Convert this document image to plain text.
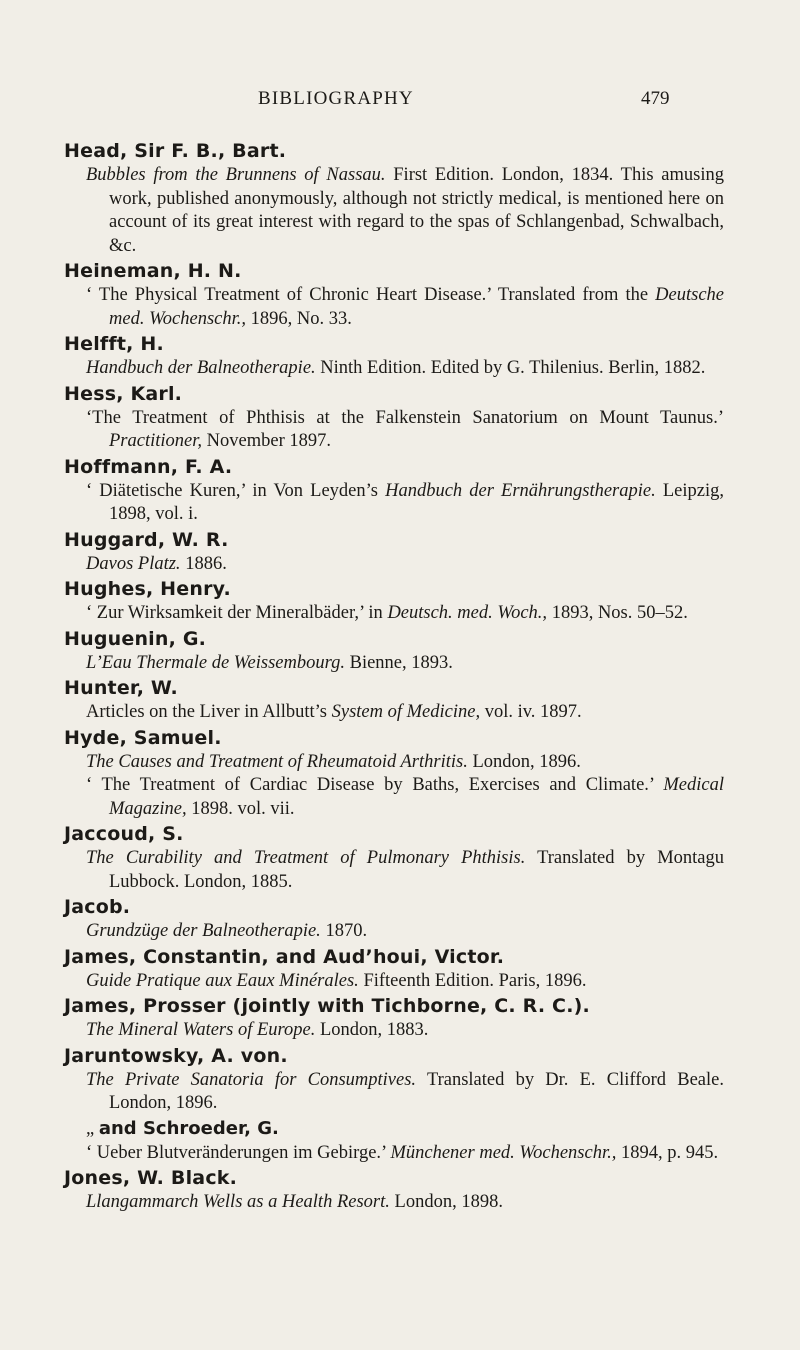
BIBLIOGRAPHY	479
Head, Sir F. B., Bart.

Bubbles from the Brunnens of Nassau. First Edition. London, 1834. This amusing work, published anonymously, although not strictly medical, is mentioned here on account of its great interest with regard to the spas of Schlangenbad, Schwalbach, &c.

Heineman, H. N.

‘ The Physical Treatment of Chronic Heart Disease.’ Translated from the Deutsche med. Wochenschr., 1896, No. 33.

Helfft, H.

Handbuch der Balneotherapie. Ninth Edition. Edited by G. Thilenius. Berlin, 1882.

Hess, Karl.

‘The Treatment of Phthisis at the Falkenstein Sanatorium on Mount Taunus.’ Practitioner, November 1897.

Hoffmann, F. A.

‘ Diätetische Kuren,’ in Von Leyden’s Handbuch der Ernährungstherapie. Leipzig, 1898, vol. i.

Huggard, W. R.

Davos Platz. 1886.

Hughes, Henry.

‘ Zur Wirksamkeit der Mineralbäder,’ in Deutsch. med. Woch., 1893, Nos. 50–52.

Huguenin, G.

L’Eau Thermale de Weissembourg. Bienne, 1893.

Hunter, W.

Articles on the Liver in Allbutt’s System of Medicine, vol. iv. 1897.

Hyde, Samuel.

The Causes and Treatment of Rheumatoid Arthritis. London, 1896.

‘ The Treatment of Cardiac Disease by Baths, Exercises and Climate.’ Medical Magazine, 1898. vol. vii.

Jaccoud, S.

The Curability and Treatment of Pulmonary Phthisis. Translated by Montagu Lubbock. London, 1885.

Jacob.

Grundzüge der Balneotherapie. 1870.

James, Constantin, and Aud’houi, Victor.

Guide Pratique aux Eaux Minérales. Fifteenth Edition. Paris, 1896.

James, Prosser (jointly with Tichborne, C. R. C.).

The Mineral Waters of Europe. London, 1883.

Jaruntowsky, A. von.

The Private Sanatoria for Consumptives. Translated by Dr. E. Clifford Beale. London, 1896.

„ and Schroeder, G.

‘ Ueber Blutveränderungen im Gebirge.’ Münchener med. Wochenschr., 1894, p. 945.

Jones, W. Black.

Llangammarch Wells as a Health Resort. London, 1898.
